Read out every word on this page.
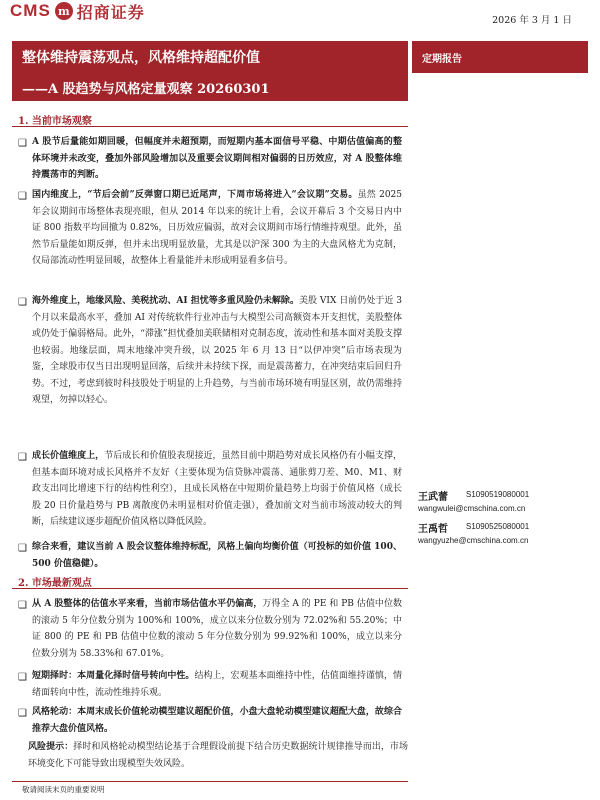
CMS m 招商证券	2026 年 3 月 1 日
整体维持震荡观点，风格维持超配价值
——A 股趋势与风格定量观察 20260301
定期报告
1. 当前市场观察
❑ A 股节后量能如期回暖，但幅度并未超预期，而短期内基本面信号平稳、中期估值偏高的整体环境并未改变，叠加外部风险增加以及重要会议期间相对偏弱的日历效应，对 A 股整体维持震荡市的判断。
❑ 国内维度上，“节后会前”反弹窗口期已近尾声，下周市场将进入“会议期”交易。虽然 2025 年会议期间市场整体表现亮眼，但从 2014 年以来的统计上看，会议开幕后 3 个交易日内中证 800 指数平均回撤为 0.82%，日历效应偏弱，故对会议期间市场行情维持观望。此外，虽然节后量能如期反弹，但并未出现明显放量，尤其是以沪深 300 为主的大盘风格尤为克制，仅局部流动性明显回暖，故整体上看量能并未形成明显看多信号。
❑ 海外维度上，地缘风险、美税扰动、AI 担忧等多重风险仍未解除。美股 VIX 日前仍处于近 3 个月以来最高水平，叠加 AI 对传统软件行业冲击与大模型公司高额资本开支担忧，美股整体或仍处于偏弱格局。此外，“滞涨”担忧叠加美联储相对克制态度，流动性和基本面对美股支撑也较弱。地缘层面，周末地缘冲突升级，以 2025 年 6 月 13 日“以伊冲突”后市场表现为鉴，全球股市仅当日出现明显回落，后续并未持续下探，而是震荡蓄力，在冲突结束后回归升势。不过，考虑到彼时科技股处于明显的上升趋势，与当前市场环境有明显区别，故仍需维持观望，勿掉以轻心。
❑ 成长价值维度上，节后成长和价值股表现接近，虽然目前中期趋势对成长风格仍有小幅支撑，但基本面环境对成长风格并不友好（主要体现为信贷脉冲震荡、通胀剪刀差、M0、M1、财政支出同比增速下行的结构性利空），且成长风格在中短期价量趋势上均弱于价值风格（成长股 20 日价量趋势与 PB 离散度仍未明显相对价值走强），叠加前文对当前市场波动较大的判断，后续建议逐步超配价值风格以降低风险。
❑ 综合来看，建议当前 A 股会议整体维持标配，风格上偏向均衡价值（可投标的如价值 100、500 价值稳健）。
2. 市场最新观点
❑ 从 A 股整体的估值水平来看，当前市场估值水平仍偏高，万得全 A 的 PE 和 PB 估值中位数的滚动 5 年分位数分别为 100%和 100%，成立以来分位数分别为 72.02%和 55.20%；中证 800 的 PE 和 PB 估值中位数的滚动 5 年分位数分别为 99.92%和 100%，成立以来分位数分别为 58.33%和 67.01%。
❑ 短期择时：本周量化择时信号转向中性。结构上，宏观基本面维持中性，估值面维持谨慎，情绪面转向中性，流动性维持乐观。
❑ 风格轮动：本周末成长价值轮动模型建议超配价值，小盘大盘轮动模型建议超配大盘，故综合推荐大盘价值风格。
风险提示：择时和风格轮动模型结论基于合理假设前提下结合历史数据统计规律推导而出，市场环境变化下可能导致出现模型失效风险。
敬请阅读末页的重要说明
王武蕾 S1090519080001
wangwulei@cmschina.com.cn
王禹哲 S1090525080001
wangyuzhe@cmschina.com.cn
